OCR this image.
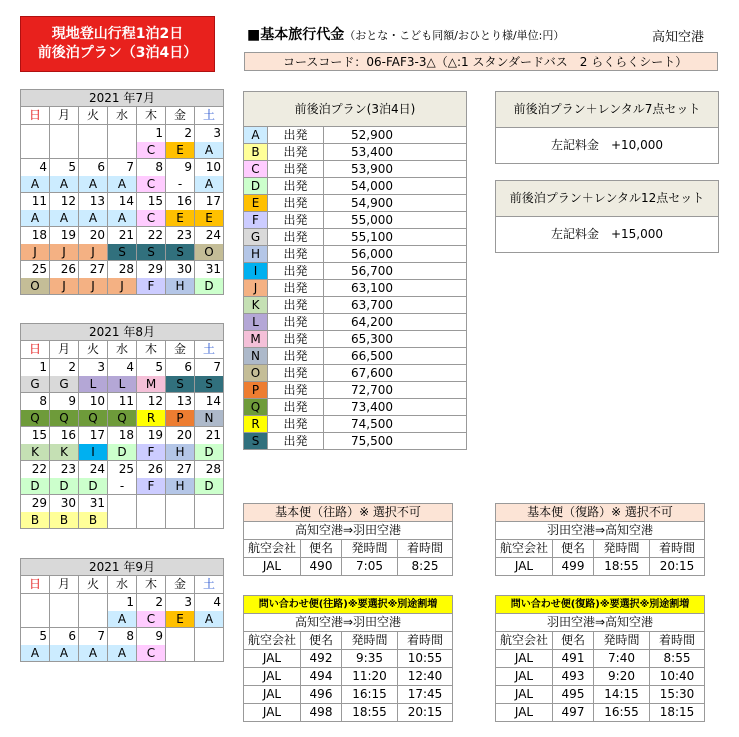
現地登山行程1泊2日
前後泊プラン（3泊4日）
■基本旅行代金（おとな・こども同額/おひとり様/単位:円）	高知空港
コースコード：06-FAF3-3△（△:1 スタンダードバス　2 らくらくシート）
2021 年7月						
日	月	火	水	木	金	土
				1	2	3
				C	E	A
4	5	6	7	8	9	10
A	A	A	A	C	-	A
11	12	13	14	15	16	17
A	A	A	A	C	E	E
18	19	20	21	22	23	24
J	J	J	S	S	S	O
25	26	27	28	29	30	31
O	J	J	J	F	H	D
2021 年8月						
日	月	火	水	木	金	土
1	2	3	4	5	6	7
G	G	L	L	M	S	S
8	9	10	11	12	13	14
Q	Q	Q	Q	R	P	N
15	16	17	18	19	20	21
K	K	I	D	F	H	D
22	23	24	25	26	27	28
D	D	D	-	F	H	D
29	30	31				
B	B	B				
2021 年9月						
日	月	火	水	木	金	土
			1	2	3	4
			A	C	E	A
5	6	7	8	9		
A	A	A	A	C		
前後泊プラン(3泊4日)		
A	出発	52,900
B	出発	53,400
C	出発	53,900
D	出発	54,000
E	出発	54,900
F	出発	55,000
G	出発	55,100
H	出発	56,000
I	出発	56,700
J	出発	63,100
K	出発	63,700
L	出発	64,200
M	出発	65,300
N	出発	66,500
O	出発	67,600
P	出発	72,700
Q	出発	73,400
R	出発	74,500
S	出発	75,500
前後泊プラン＋レンタル7点セット
左記料金　+10,000
前後泊プラン＋レンタル12点セット
左記料金　+15,000
基本便（往路）※ 選択不可			
高知空港⇒羽田空港			
航空会社	便名	発時間	着時間
JAL	490	7:05	8:25
基本便（復路）※ 選択不可			
羽田空港⇒高知空港			
航空会社	便名	発時間	着時間
JAL	499	18:55	20:15
問い合わせ便(往路)※要選択※別途割増			
高知空港⇒羽田空港			
航空会社	便名	発時間	着時間
JAL	492	9:35	10:55
JAL	494	11:20	12:40
JAL	496	16:15	17:45
JAL	498	18:55	20:15
問い合わせ便(復路)※要選択※別途割増			
羽田空港⇒高知空港			
航空会社	便名	発時間	着時間
JAL	491	7:40	8:55
JAL	493	9:20	10:40
JAL	495	14:15	15:30
JAL	497	16:55	18:15
